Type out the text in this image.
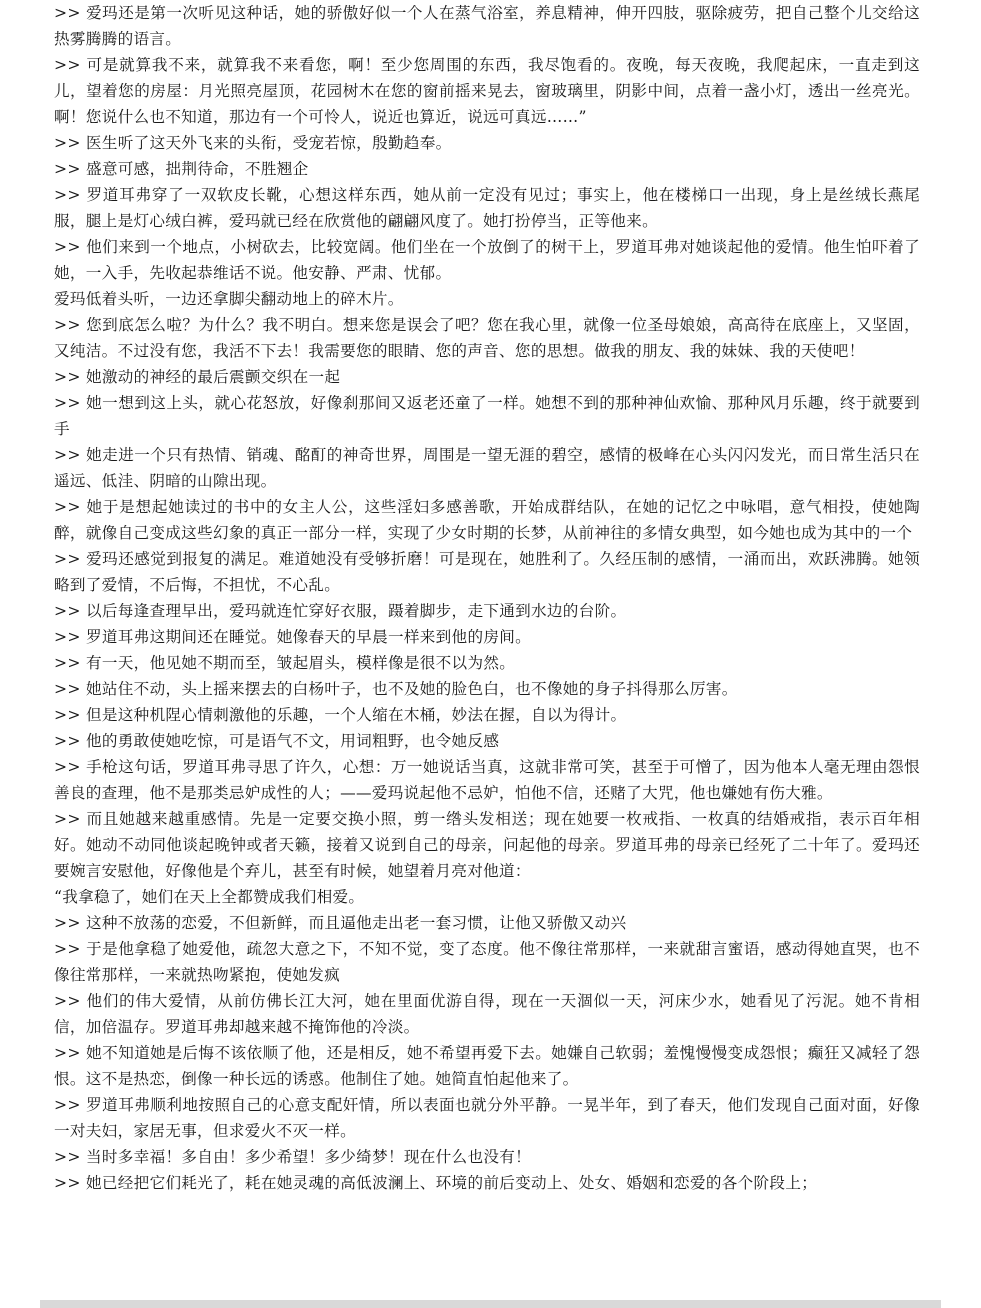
>> 爱玛还是第一次听见这种话，她的骄傲好似一个人在蒸气浴室，养息精神，伸开四肢，驱除疲劳，把自己整个儿交给这热雾腾腾的语言。

>> 可是就算我不来，就算我不来看您，啊！至少您周围的东西，我尽饱看的。夜晚，每天夜晚，我爬起床，一直走到这儿，望着您的房屋：月光照亮屋顶，花园树木在您的窗前摇来晃去，窗玻璃里，阴影中间，点着一盏小灯，透出一丝亮光。啊！您说什么也不知道，那边有一个可怜人，说近也算近，说远可真远……”

>> 医生听了这天外飞来的头衔，受宠若惊，殷勤趋奉。

>> 盛意可感，拙荆待命，不胜翘企

>> 罗道耳弗穿了一双软皮长靴，心想这样东西，她从前一定没有见过；事实上，他在楼梯口一出现，身上是丝绒长燕尾服，腿上是灯心绒白裤，爱玛就已经在欣赏他的翩翩风度了。她打扮停当，正等他来。

>> 他们来到一个地点，小树砍去，比较宽阔。他们坐在一个放倒了的树干上，罗道耳弗对她谈起他的爱情。他生怕吓着了她，一入手，先收起恭维话不说。他安静、严肃、忧郁。

爱玛低着头听，一边还拿脚尖翻动地上的碎木片。

>> 您到底怎么啦？为什么？我不明白。想来您是误会了吧？您在我心里，就像一位圣母娘娘，高高待在底座上，又坚固，又纯洁。不过没有您，我活不下去！我需要您的眼睛、您的声音、您的思想。做我的朋友、我的妹妹、我的天使吧！

>> 她激动的神经的最后震颤交织在一起

>> 她一想到这上头，就心花怒放，好像刹那间又返老还童了一样。她想不到的那种神仙欢愉、那种风月乐趣，终于就要到手

>> 她走进一个只有热情、销魂、酩酊的神奇世界，周围是一望无涯的碧空，感情的极峰在心头闪闪发光，而日常生活只在遥远、低洼、阴暗的山隙出现。

>> 她于是想起她读过的书中的女主人公，这些淫妇多感善歌，开始成群结队，在她的记忆之中咏唱，意气相投，使她陶醉，就像自己变成这些幻象的真正一部分一样，实现了少女时期的长梦，从前神往的多情女典型，如今她也成为其中的一个

>> 爱玛还感觉到报复的满足。难道她没有受够折磨！可是现在，她胜利了。久经压制的感情，一涌而出，欢跃沸腾。她领略到了爱情，不后悔，不担忧，不心乱。

>> 以后每逢查理早出，爱玛就连忙穿好衣服，蹑着脚步，走下通到水边的台阶。

>> 罗道耳弗这期间还在睡觉。她像春天的早晨一样来到他的房间。

>> 有一天，他见她不期而至，皱起眉头，模样像是很不以为然。

>> 她站住不动，头上摇来摆去的白杨叶子，也不及她的脸色白，也不像她的身子抖得那么厉害。

>> 但是这种机陧心情刺激他的乐趣，一个人缩在木桶，妙法在握，自以为得计。

>> 他的勇敢使她吃惊，可是语气不文，用词粗野，也令她反感

>> 手枪这句话，罗道耳弗寻思了许久，心想：万一她说话当真，这就非常可笑，甚至于可憎了，因为他本人毫无理由怨恨善良的查理，他不是那类忌妒成性的人；——爱玛说起他不忌妒，怕他不信，还赌了大咒，他也嫌她有伤大雅。

>> 而且她越来越重感情。先是一定要交换小照，剪一绺头发相送；现在她要一枚戒指、一枚真的结婚戒指，表示百年相好。她动不动同他谈起晚钟或者天籁，接着又说到自己的母亲，问起他的母亲。罗道耳弗的母亲已经死了二十年了。爱玛还要婉言安慰他，好像他是个弃儿，甚至有时候，她望着月亮对他道：

“我拿稳了，她们在天上全都赞成我们相爱。

>> 这种不放荡的恋爱，不但新鲜，而且逼他走出老一套习惯，让他又骄傲又动兴

>> 于是他拿稳了她爱他，疏忽大意之下，不知不觉，变了态度。他不像往常那样，一来就甜言蜜语，感动得她直哭，也不像往常那样，一来就热吻紧抱，使她发疯

>> 他们的伟大爱情，从前仿佛长江大河，她在里面优游自得，现在一天涸似一天，河床少水，她看见了污泥。她不肯相信，加倍温存。罗道耳弗却越来越不掩饰他的冷淡。

>> 她不知道她是后悔不该依顺了他，还是相反，她不希望再爱下去。她嫌自己软弱；羞愧慢慢变成怨恨；癫狂又减轻了怨恨。这不是热恋，倒像一种长远的诱惑。他制住了她。她简直怕起他来了。

>> 罗道耳弗顺利地按照自己的心意支配奸情，所以表面也就分外平静。一晃半年，到了春天，他们发现自己面对面，好像一对夫妇，家居无事，但求爱火不灭一样。

>> 当时多幸福！多自由！多少希望！多少绮梦！现在什么也没有！

>> 她已经把它们耗光了，耗在她灵魂的高低波澜上、环境的前后变动上、处女、婚姻和恋爱的各个阶段上；
